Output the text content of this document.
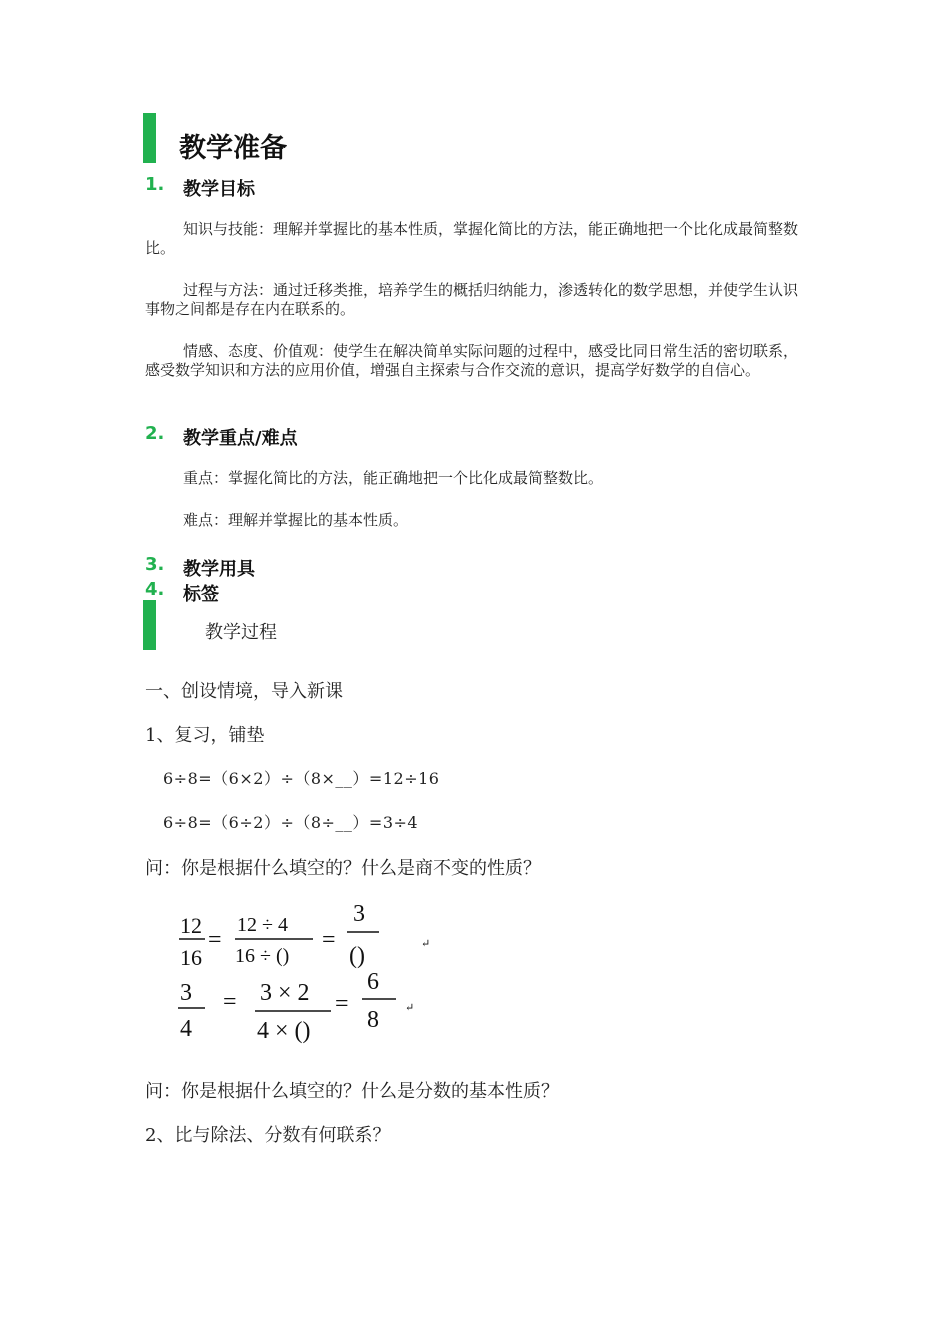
教学准备
1. 教学目标
知识与技能：理解并掌握比的基本性质，掌握化简比的方法，能正确地把一个比化成最简整数比。
过程与方法：通过迁移类推，培养学生的概括归纳能力，渗透转化的数学思想，并使学生认识事物之间都是存在内在联系的。
情感、态度、价值观：使学生在解决简单实际问题的过程中，感受比同日常生活的密切联系，感受数学知识和方法的应用价值，增强自主探索与合作交流的意识，提高学好数学的自信心。
2. 教学重点/难点
重点：掌握化简比的方法，能正确地把一个比化成最简整数比。
难点：理解并掌握比的基本性质。
3. 教学用具
4. 标签
教学过程
一、创设情境，导入新课
1、复习，铺垫
6÷8=（6×2）÷（8×__）=12÷16
6÷8=（6÷2）÷（8÷__）=3÷4
问：你是根据什么填空的？什么是商不变的性质？
12
16
=
12 ÷ 4
16 ÷ ()
=
3
()	↵
3
4
= 3 × 2
4 × ()
=
6
8 ↵
问：你是根据什么填空的？什么是分数的基本性质？
2、比与除法、分数有何联系？
